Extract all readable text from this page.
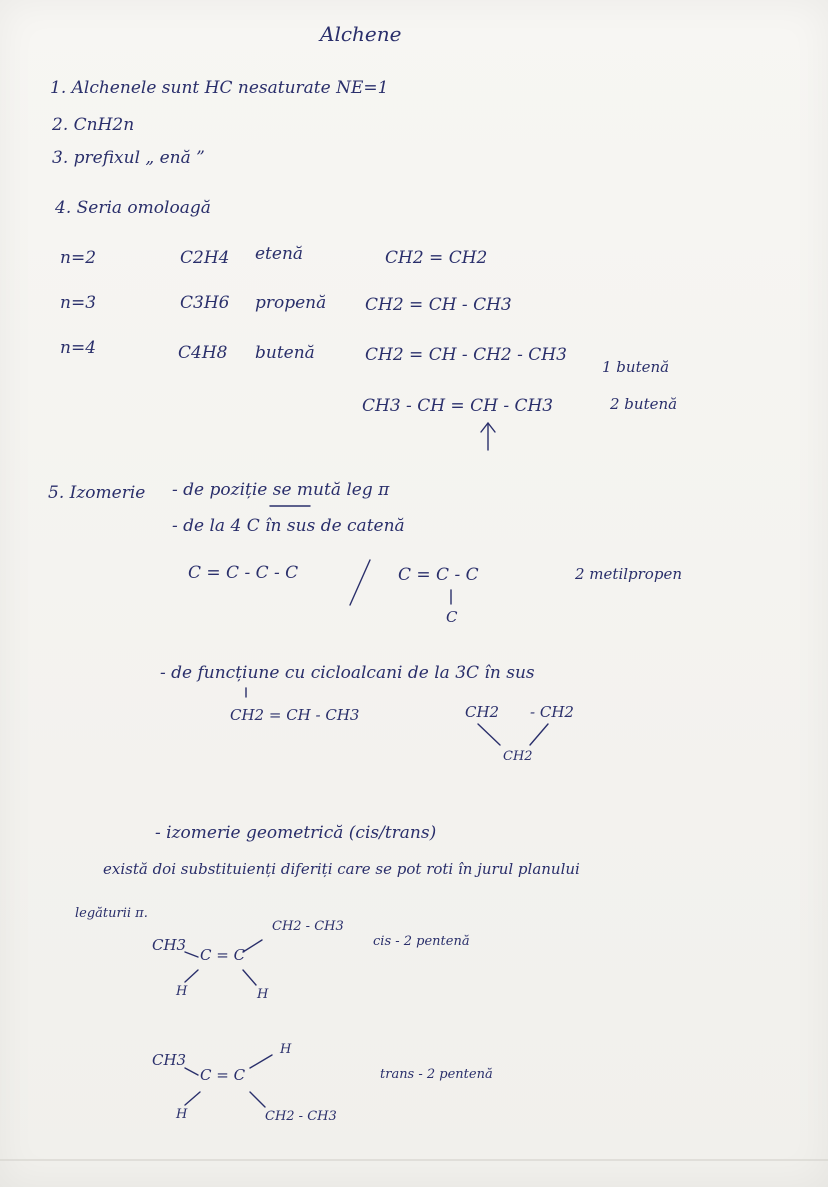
Alchene
1. Alchenele sunt HC nesaturate NE=1
2. CnH2n
3. prefixul „ enă ”
4. Seria omoloagă
n=2	C2H4 etenă	CH2 = CH2
n=3	C3H6 propenă CH2 = CH - CH3
n=4	C4H8 butenă	CH2 = CH - CH2 - CH3
1 butenă
CH3 - CH = CH - CH3	2 butenă
5. Izomerie - de poziție se mută leg π
- de la 4 C în sus de catenă
C = C - C - C	C = C - C
C
2 metilpropen
- de funcțiune cu cicloalcani de la 3C în sus
CH2 = CH - CH3	CH2 - CH2
CH2
- izomerie geometrică (cis/trans)
există doi substituienți diferiți care se pot roti în jurul planului
legăturii π.
CH3
C = C
CH2 - CH3
H	H
cis - 2 pentenă
CH3
C = C
H
H	CH2 - CH3
trans - 2 pentenă
